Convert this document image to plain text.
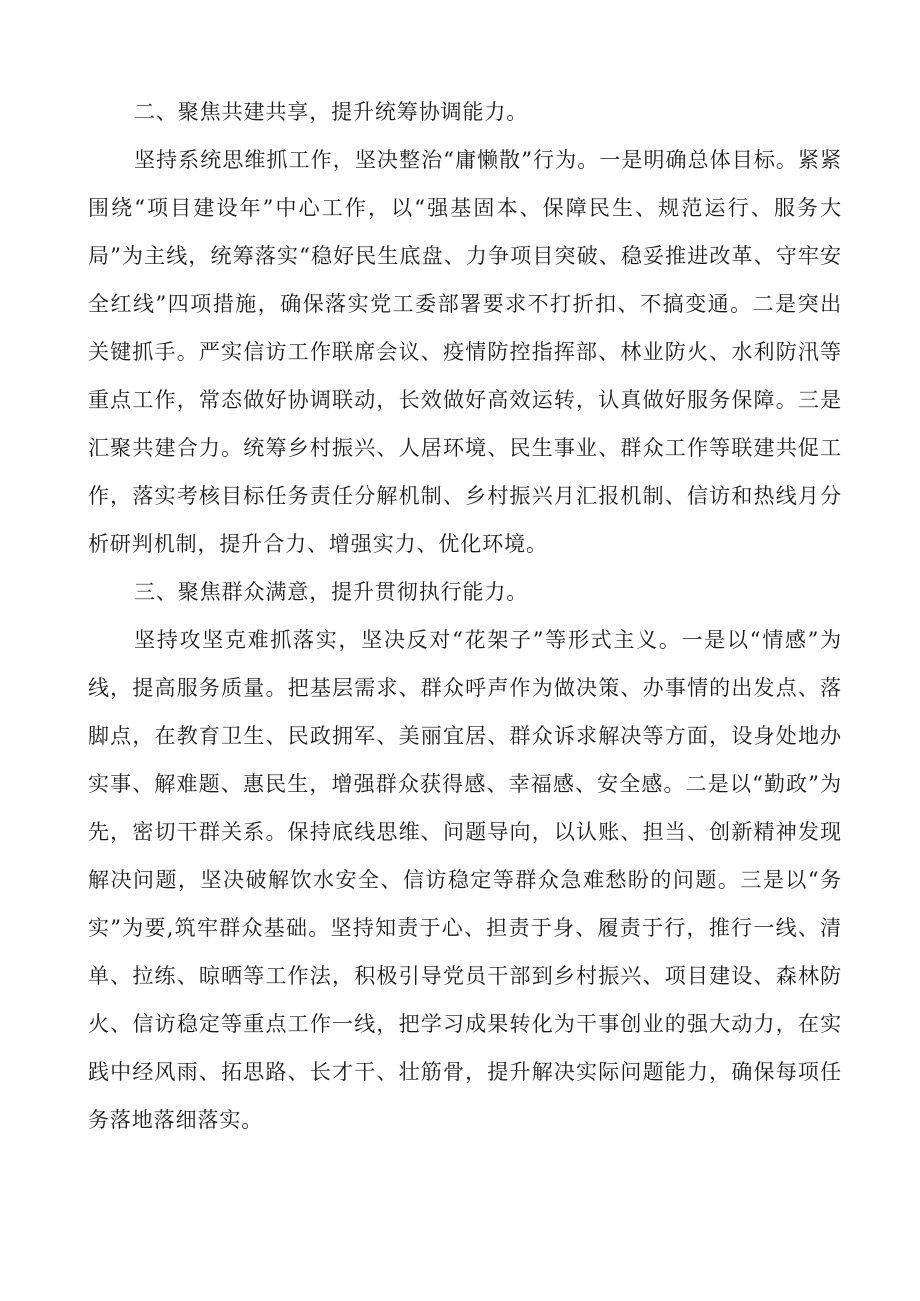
二、聚焦共建共享，提升统筹协调能力。

坚持系统思维抓工作，坚决整治“庸懒散”行为。一是明确总体目标。紧紧围绕“项目建设年”中心工作，以“强基固本、保障民生、规范运行、服务大局”为主线，统筹落实“稳好民生底盘、力争项目突破、稳妥推进改革、守牢安全红线”四项措施，确保落实党工委部署要求不打折扣、不搞变通。二是突出关键抓手。严实信访工作联席会议、疫情防控指挥部、林业防火、水利防汛等重点工作，常态做好协调联动，长效做好高效运转，认真做好服务保障。三是汇聚共建合力。统筹乡村振兴、人居环境、民生事业、群众工作等联建共促工作，落实考核目标任务责任分解机制、乡村振兴月汇报机制、信访和热线月分析研判机制，提升合力、增强实力、优化环境。

三、聚焦群众满意，提升贯彻执行能力。

坚持攻坚克难抓落实，坚决反对“花架子”等形式主义。一是以“情感”为线，提高服务质量。把基层需求、群众呼声作为做决策、办事情的出发点、落脚点，在教育卫生、民政拥军、美丽宜居、群众诉求解决等方面，设身处地办实事、解难题、惠民生，增强群众获得感、幸福感、安全感。二是以“勤政”为先，密切干群关系。保持底线思维、问题导向，以认账、担当、创新精神发现解决问题，坚决破解饮水安全、信访稳定等群众急难愁盼的问题。三是以“务实”为要,筑牢群众基础。坚持知责于心、担责于身、履责于行，推行一线、清单、拉练、晾晒等工作法，积极引导党员干部到乡村振兴、项目建设、森林防火、信访稳定等重点工作一线，把学习成果转化为干事创业的强大动力，在实践中经风雨、拓思路、长才干、壮筋骨，提升解决实际问题能力，确保每项任务落地落细落实。
